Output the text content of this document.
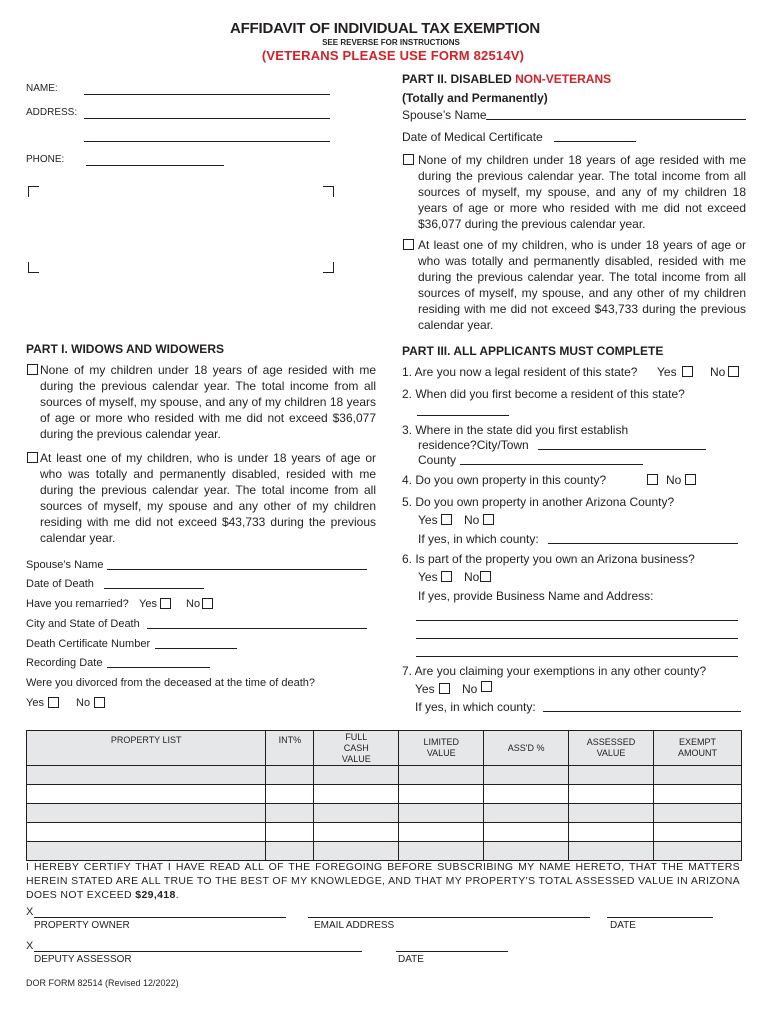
AFFIDAVIT OF INDIVIDUAL TAX EXEMPTION
SEE REVERSE FOR INSTRUCTIONS
(VETERANS PLEASE USE FORM 82514V)
NAME:
ADDRESS:
PHONE:
PART I. WIDOWS AND WIDOWERS
None of my children under 18 years of age resided with me during the previous calendar year. The total income from all sources of myself, my spouse, and any of my children 18 years of age or more who resided with me did not exceed $36,077 during the previous calendar year.
At least one of my children, who is under 18 years of age or who was totally and permanently disabled, resided with me during the previous calendar year. The total income from all sources of myself, my spouse and any other of my children residing with me did not exceed $43,733 during the previous calendar year.
Spouse’s Name
Date of Death
Have you remarried? Yes	No
City and State of Death
Death Certificate Number
Recording Date
Were you divorced from the deceased at the time of death?
Yes	No
PART II. DISABLED NON-VETERANS
(Totally and Permanently)
Spouse’s Name
Date of Medical Certificate
None of my children under 18 years of age resided with me during the previous calendar year. The total income from all sources of myself, my spouse, and any of my children 18 years of age or more who resided with me did not exceed $36,077 during the previous calendar year.
At least one of my children, who is under 18 years of age or who was totally and permanently disabled, resided with me during the previous calendar year. The total income from all sources of myself, my spouse, and any other of my children residing with me did not exceed $43,733 during the previous calendar year.
PART III. ALL APPLICANTS MUST COMPLETE
1. Are you now a legal resident of this state? Yes	No
2. When did you first become a resident of this state?
3. Where in the state did you first establish
residence?City/Town
County
4. Do you own property in this county?	No
5. Do you own property in another Arizona County?
Yes No
If yes, in which county:
6. Is part of the property you own an Arizona business?
Yes No
If yes, provide Business Name and Address:
7. Are you claiming your exemptions in any other county?
Yes No
If yes, in which county:
PROPERTY LIST	INT%	FULL CASH VALUE	LIMITED VALUE	ASS'D %	ASSESSED VALUE	EXEMPT AMOUNT

I HEREBY CERTIFY THAT I HAVE READ ALL OF THE FOREGOING BEFORE SUBSCRIBING MY NAME HERETO, THAT THE MATTERS HEREIN STATED ARE ALL TRUE TO THE BEST OF MY KNOWLEDGE, AND THAT MY PROPERTY'S TOTAL ASSESSED VALUE IN ARIZONA DOES NOT EXCEED $29,418.
X
PROPERTY OWNER	EMAIL ADDRESS	DATE
X
DEPUTY ASSESSOR	DATE
DOR FORM 82514 (Revised 12/2022)
